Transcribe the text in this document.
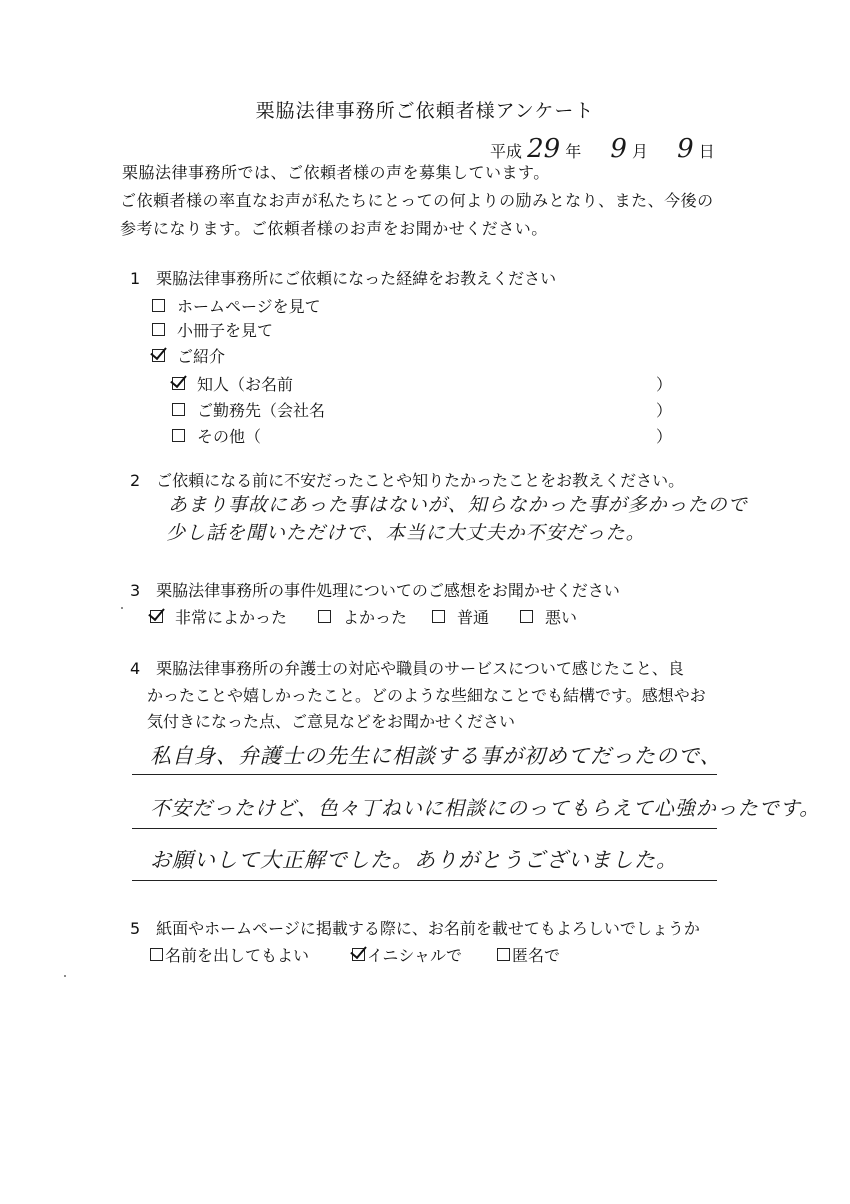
栗脇法律事務所ご依頼者様アンケート
平成 29 年 9 月 9 日
栗脇法律事務所では、ご依頼者様の声を募集しています。
ご依頼者様の率直なお声が私たちにとっての何よりの励みとなり、また、今後の
参考になります。ご依頼者様のお声をお聞かせください。
1　栗脇法律事務所にご依頼になった経緯をお教えください
ホームページを見て
小冊子を見て
ご紹介
知人（お名前	）
ご勤務先（会社名	）
その他（	）
2　ご依頼になる前に不安だったことや知りたかったことをお教えください。
あまり事故にあった事はないが、知らなかった事が多かったので
少し話を聞いただけで、本当に大丈夫か不安だった。
3　栗脇法律事務所の事件処理についてのご感想をお聞かせください
非常によかった	よかった	普通	悪い
4　栗脇法律事務所の弁護士の対応や職員のサービスについて感じたこと、良
かったことや嬉しかったこと。どのような些細なことでも結構です。感想やお
気付きになった点、ご意見などをお聞かせください
私自身、弁護士の先生に相談する事が初めてだったので、
不安だったけど、色々丁ねいに相談にのってもらえて心強かったです。
お願いして大正解でした。ありがとうございました。
5　紙面やホームページに掲載する際に、お名前を載せてもよろしいでしょうか
名前を出してもよい	イニシャルで	匿名で
